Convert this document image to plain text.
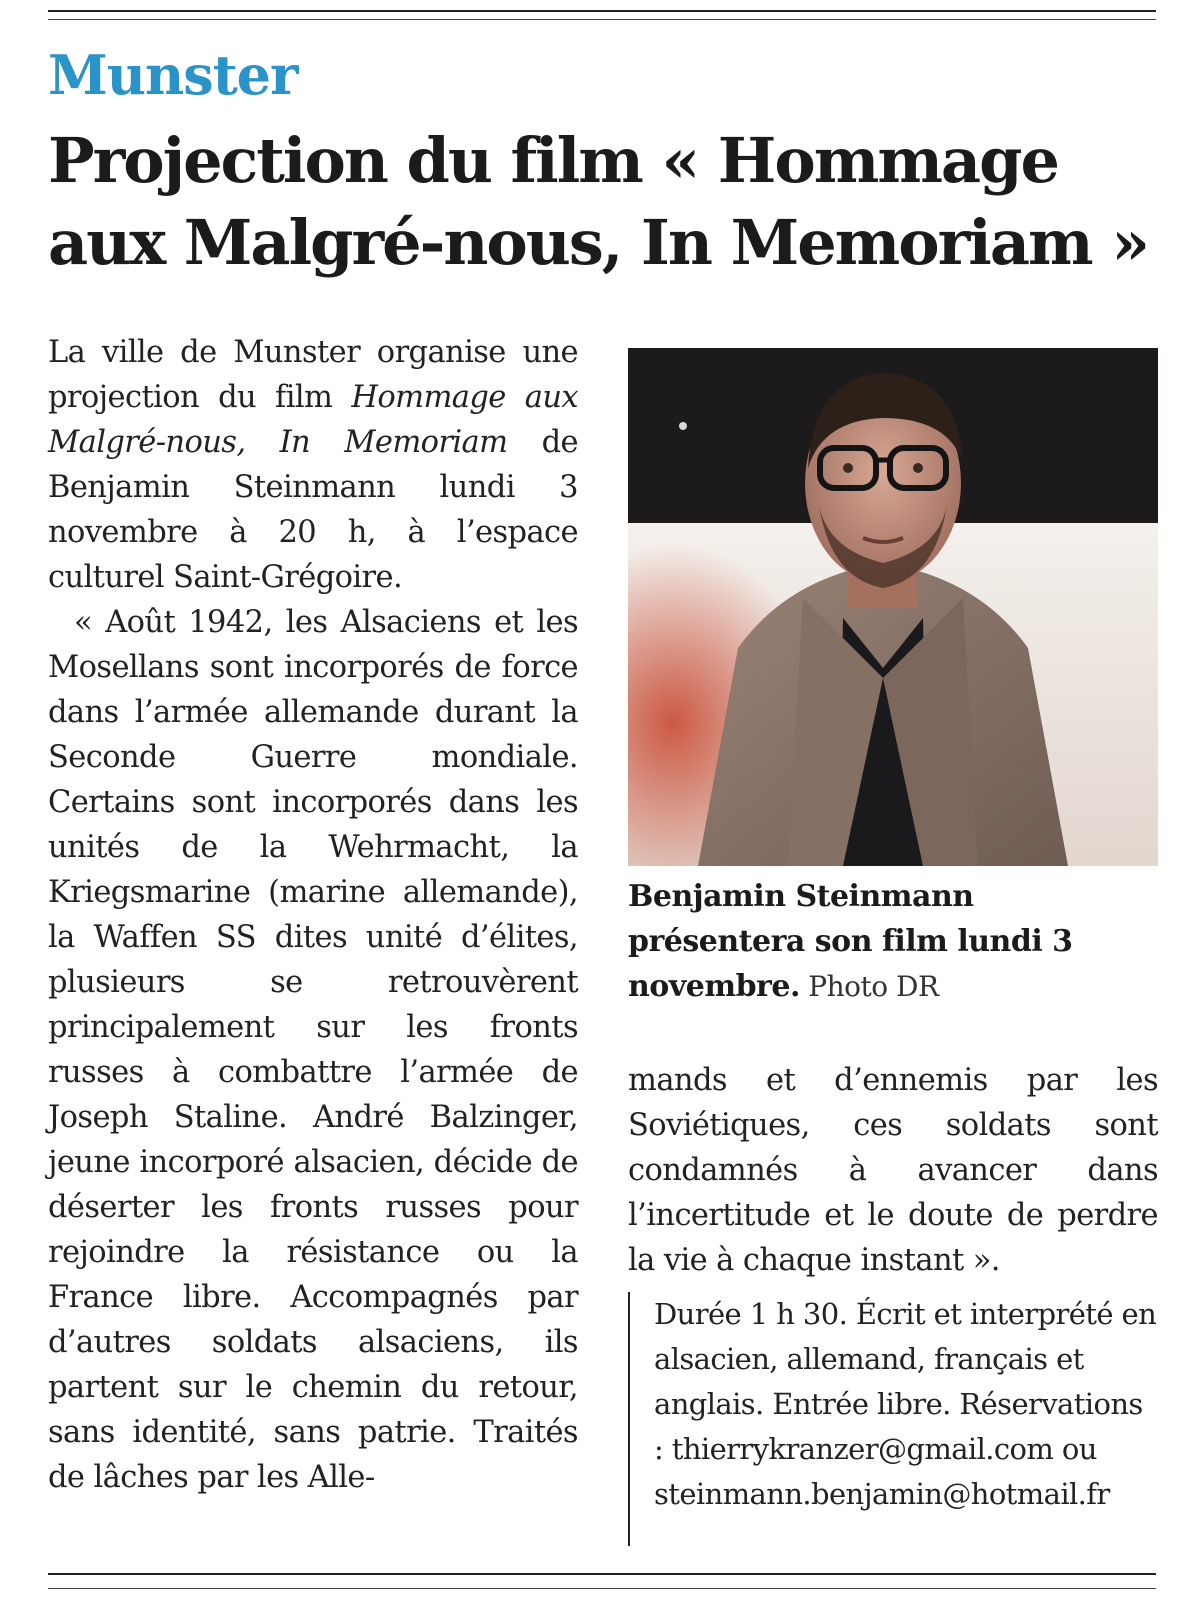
Munster
Projection du film « Hommage
aux Malgré-nous, In Memoriam »

La ville de Munster organise une projection du film Hommage aux Malgré-nous, In Memoriam de Benjamin Steinmann lundi 3 novembre à 20 h, à l’espace culturel Saint-Grégoire.

« Août 1942, les Alsaciens et les Mosellans sont incorporés de force dans l’armée allemande durant la Seconde Guerre mondiale. Certains sont incorporés dans les unités de la Wehrmacht, la Kriegsmarine (marine allemande), la Waffen SS dites unité d’élites, plusieurs se retrouvèrent principalement sur les fronts russes à combattre l’armée de Joseph Staline. André Balzinger, jeune incorporé alsacien, décide de déserter les fronts russes pour rejoindre la résistance ou la France libre. Accompagnés par d’autres soldats alsaciens, ils partent sur le chemin du retour, sans identité, sans patrie. Traités de lâches par les Alle-

Benjamin Steinmann présentera son film lundi 3 novembre. Photo DR

mands et d’ennemis par les Soviétiques, ces soldats sont condamnés à avancer dans l’incertitude et le doute de perdre la vie à chaque instant ».

Durée 1 h 30. Écrit et interprété en alsacien, allemand, français et anglais. Entrée libre. Réservations : thierrykranzer@gmail.com ou steinmann.benjamin@hotmail.fr
